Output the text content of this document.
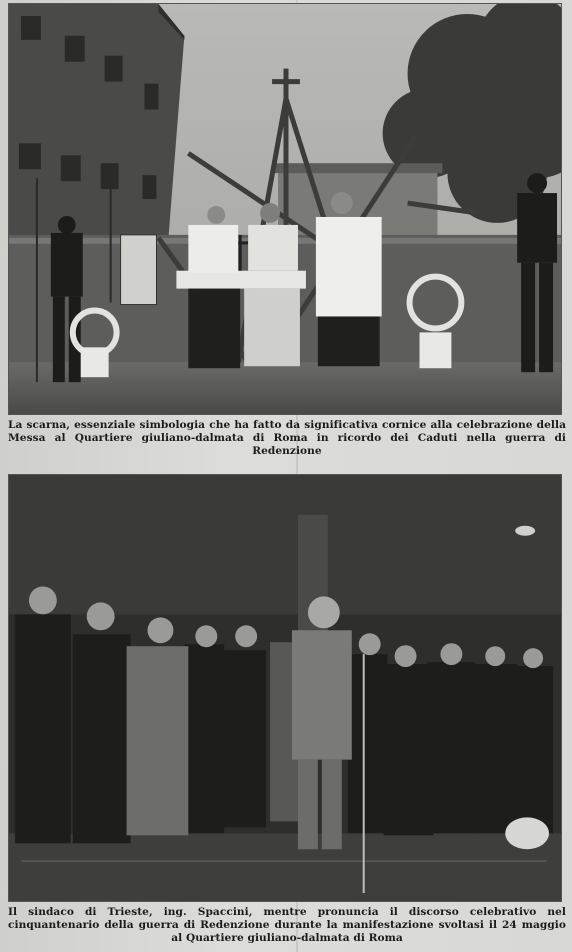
La scarna, essenziale simbologia che ha fatto da significativa cornice alla celebrazione della Messa al Quartiere giuliano-dalmata di Roma in ricordo dei Caduti nella guerra di Redenzione
Il sindaco di Trieste, ing. Spaccini, mentre pronuncia il discorso celebrativo nel cinquantenario della guerra di Redenzione durante la manifestazione svoltasi il 24 maggio al Quartiere giuliano-dalmata di Roma
